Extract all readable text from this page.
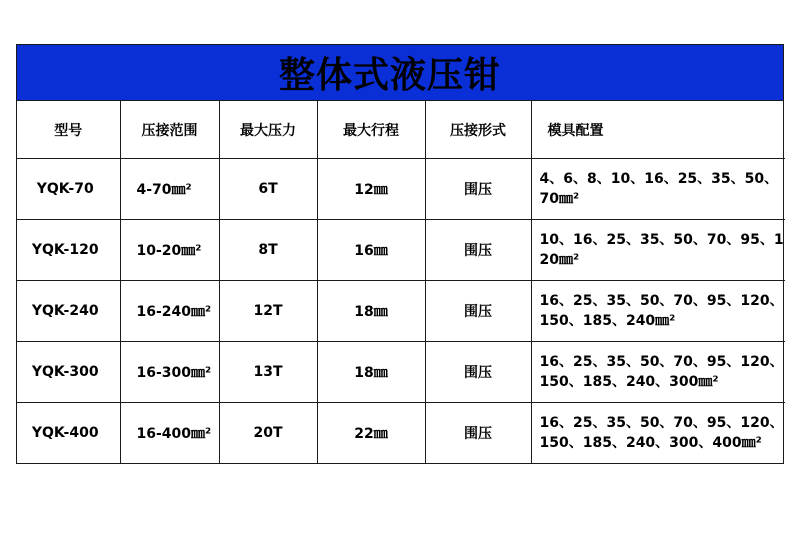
整体式液压钳
型号	压接范围	最大压力	最大行程	压接形式	模具配置
YQK-70	4-70㎜²	6T	12㎜	围压	4、6、8、10、16、25、35、50、70㎜²
YQK-120	10-20㎜²	8T	16㎜	围压	10、16、25、35、50、70、95、120㎜²
YQK-240	16-240㎜²	12T	18㎜	围压	16、25、35、50、70、95、120、150、185、240㎜²
YQK-300	16-300㎜²	13T	18㎜	围压	16、25、35、50、70、95、120、150、185、240、300㎜²
YQK-400	16-400㎜²	20T	22㎜	围压	16、25、35、50、70、95、120、150、185、240、300、400㎜²
